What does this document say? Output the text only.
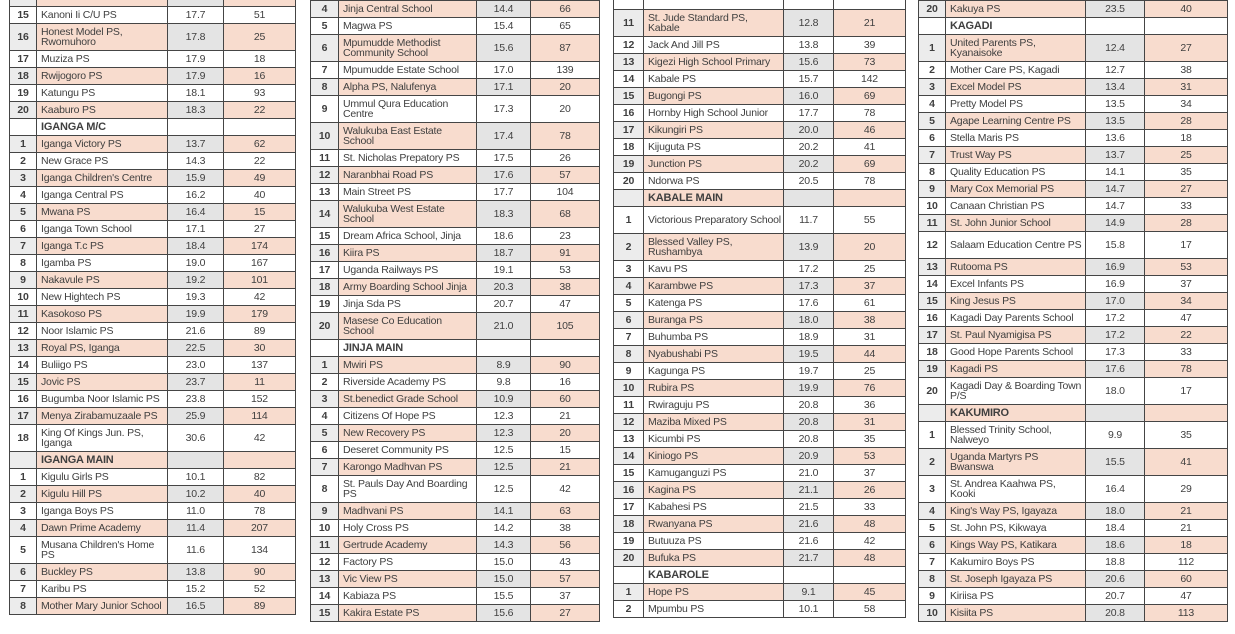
15	Kanoni Ii C/U PS	17.7	51
16	Honest Model PS, Rwomuhoro	17.8	25
17	Muziza PS	17.9	18
18	Rwijogoro PS	17.9	16
19	Katungu PS	18.1	93
20	Kaaburo PS	18.3	22
IGANGA M/C
1	Iganga Victory PS	13.7	62
2	New Grace PS	14.3	22
3	Iganga Children's Centre	15.9	49
4	Iganga Central PS	16.2	40
5	Mwana PS	16.4	15
6	Iganga Town School	17.1	27
7	Iganga T.c PS	18.4	174
8	Igamba PS	19.0	167
9	Nakavule PS	19.2	101
10	New Hightech PS	19.3	42
11	Kasokoso PS	19.9	179
12	Noor Islamic PS	21.6	89
13	Royal PS, Iganga	22.5	30
14	Buliigo PS	23.0	137
15	Jovic PS	23.7	11
16	Bugumba Noor Islamic PS	23.8	152
17	Menya Zirabamuzaale PS	25.9	114
18	King Of Kings Jun. PS, Iganga	30.6	42
IGANGA MAIN
1	Kigulu Girls PS	10.1	82
2	Kigulu Hill PS	10.2	40
3	Iganga Boys PS	11.0	78
4	Dawn Prime Academy	11.4	207
5	Musana Children's Home PS	11.6	134
6	Buckley PS	13.8	90
7	Karibu PS	15.2	52
8	Mother Mary Junior School	16.5	89
4	Jinja Central School	14.4	66
5	Magwa PS	15.4	65
6	Mpumudde Methodist Community School	15.6	87
7	Mpumudde Estate School	17.0	139
8	Alpha PS, Nalufenya	17.1	20
9	Ummul Qura Education Centre	17.3	20
10	Walukuba East Estate School	17.4	78
11	St. Nicholas Prepatory PS	17.5	26
12	Naranbhai Road PS	17.6	57
13	Main Street PS	17.7	104
14	Walukuba West Estate School	18.3	68
15	Dream Africa School, Jinja	18.6	23
16	Kiira PS	18.7	91
17	Uganda Railways PS	19.1	53
18	Army Boarding School Jinja	20.3	38
19	Jinja Sda PS	20.7	47
20	Masese Co Education School	21.0	105
JINJA MAIN
1	Mwiri PS	8.9	90
2	Riverside Academy PS	9.8	16
3	St.benedict Grade School	10.9	60
4	Citizens Of Hope PS	12.3	21
5	New Recovery PS	12.3	20
6	Deseret Community PS	12.5	15
7	Karongo Madhvan PS	12.5	21
8	St. Pauls Day And Boarding PS	12.5	42
9	Madhvani PS	14.1	63
10	Holy Cross PS	14.2	38
11	Gertrude Academy	14.3	56
12	Factory PS	15.0	43
13	Vic View PS	15.0	57
14	Kabiaza PS	15.5	37
15	Kakira Estate PS	15.6	27
11	St. Jude Standard PS, Kabale	12.8	21
12	Jack And Jill PS	13.8	39
13	Kigezi High School Primary	15.6	73
14	Kabale PS	15.7	142
15	Bugongi PS	16.0	69
16	Hornby High School Junior	17.7	78
17	Kikungiri PS	20.0	46
18	Kijuguta PS	20.2	41
19	Junction PS	20.2	69
20	Ndorwa PS	20.5	78
KABALE MAIN
1	Victorious Preparatory School	11.7	55
2	Blessed Valley PS, Rushambya	13.9	20
3	Kavu PS	17.2	25
4	Karambwe PS	17.3	37
5	Katenga PS	17.6	61
6	Buranga PS	18.0	38
7	Buhumba PS	18.9	31
8	Nyabushabi PS	19.5	44
9	Kagunga PS	19.7	25
10	Rubira PS	19.9	76
11	Rwiraguju PS	20.8	36
12	Maziba Mixed PS	20.8	31
13	Kicumbi PS	20.8	35
14	Kiniogo PS	20.9	53
15	Kamuganguzi PS	21.0	37
16	Kagina PS	21.1	26
17	Kabahesi PS	21.5	33
18	Rwanyana PS	21.6	48
19	Butuuza PS	21.6	42
20	Bufuka PS	21.7	48
KABAROLE
1	Hope PS	9.1	45
2	Mpumbu PS	10.1	58
20	Kakuya PS	23.5	40
KAGADI
1	United Parents PS, Kyanaisoke	12.4	27
2	Mother Care PS, Kagadi	12.7	38
3	Excel Model PS	13.4	31
4	Pretty Model PS	13.5	34
5	Agape Learning Centre PS	13.5	28
6	Stella Maris PS	13.6	18
7	Trust Way PS	13.7	25
8	Quality Education PS	14.1	35
9	Mary Cox Memorial PS	14.7	27
10	Canaan Christian PS	14.7	33
11	St. John Junior School	14.9	28
12	Salaam Education Centre PS	15.8	17
13	Rutooma PS	16.9	53
14	Excel Infants PS	16.9	37
15	King Jesus PS	17.0	34
16	Kagadi Day Parents School	17.2	47
17	St. Paul Nyamigisa PS	17.2	22
18	Good Hope Parents School	17.3	33
19	Kagadi PS	17.6	78
20	Kagadi Day & Boarding Town P/S	18.0	17
KAKUMIRO
1	Blessed Trinity School, Nalweyo	9.9	35
2	Uganda Martyrs PS Bwanswa	15.5	41
3	St. Andrea Kaahwa PS, Kooki	16.4	29
4	King's Way PS, Igayaza	18.0	21
5	St. John PS, Kikwaya	18.4	21
6	Kings Way PS, Katikara	18.6	18
7	Kakumiro Boys PS	18.8	112
8	St. Joseph Igayaza PS	20.6	60
9	Kiriisa PS	20.7	47
10	Kisiita PS	20.8	113
